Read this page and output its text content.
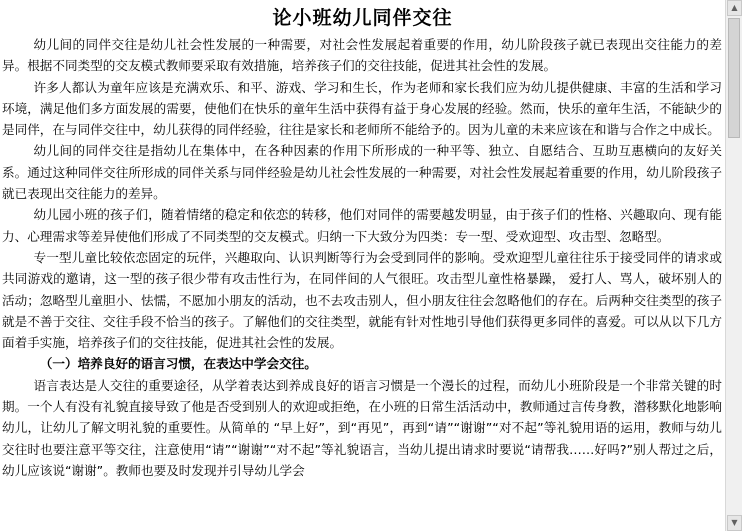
论小班幼儿同伴交往

幼儿间的同伴交往是幼儿社会性发展的一种需要，对社会性发展起着重要的作用，幼儿阶段孩子就已表现出交往能力的差异。根据不同类型的交友模式教师要采取有效措施，培养孩子们的交往技能，促进其社会性的发展。

许多人都认为童年应该是充满欢乐、和平、游戏、学习和生长，作为老师和家长我们应为幼儿提供健康、丰富的生活和学习环境，满足他们多方面发展的需要，使他们在快乐的童年生活中获得有益于身心发展的经验。然而，快乐的童年生活，不能缺少的是同伴，在与同伴交往中，幼儿获得的同伴经验，往往是家长和老师所不能给予的。因为儿童的未来应该在和谐与合作之中成长。

幼儿间的同伴交往是指幼儿在集体中，在各种因素的作用下所形成的一种平等、独立、自愿结合、互助互惠横向的友好关系。通过这种同伴交往所形成的同伴关系与同伴经验是幼儿社会性发展的一种需要，对社会性发展起着重要的作用，幼儿阶段孩子就已表现出交往能力的差异。

幼儿园小班的孩子们，随着情绪的稳定和依恋的转移，他们对同伴的需要越发明显，由于孩子们的性格、兴趣取向、现有能力、心理需求等差异使他们形成了不同类型的交友模式。归纳一下大致分为四类：专一型、受欢迎型、攻击型、忽略型。

专一型儿童比较依恋固定的玩伴，兴趣取向、认识判断等行为会受到同伴的影响。受欢迎型儿童往往乐于接受同伴的请求或共同游戏的邀请，这一型的孩子很少带有攻击性行为，在同伴间的人气很旺。攻击型儿童性格暴躁， 爱打人、骂人，破坏别人的活动；忽略型儿童胆小、怯懦，不愿加小朋友的活动，也不去攻击别人，但小朋友往往会忽略他们的存在。后两种交往类型的孩子就是不善于交往、交往手段不恰当的孩子。了解他们的交往类型，就能有针对性地引导他们获得更多同伴的喜爱。可以从以下几方面着手实施，培养孩子们的交往技能，促进其社会性的发展。

（一）培养良好的语言习惯，在表达中学会交往。

语言表达是人交往的重要途径，从学着表达到养成良好的语言习惯是一个漫长的过程，而幼儿小班阶段是一个非常关键的时期。一个人有没有礼貌直接导致了他是否受到别人的欢迎或拒绝，在小班的日常生活活动中，教师通过言传身教，潜移默化地影响幼儿，让幼儿了解文明礼貌的重要性。从简单的 “早上好”，到“再见”，再到“请”“谢谢”“对不起”等礼貌用语的运用，教师与幼儿交往时也要注意平等交往，注意使用“请”“谢谢”“对不起”等礼貌语言，当幼儿提出请求时要说“请帮我……好吗?”别人帮过之后，幼儿应该说“谢谢”。教师也要及时发现并引导幼儿学会

▲
▼
